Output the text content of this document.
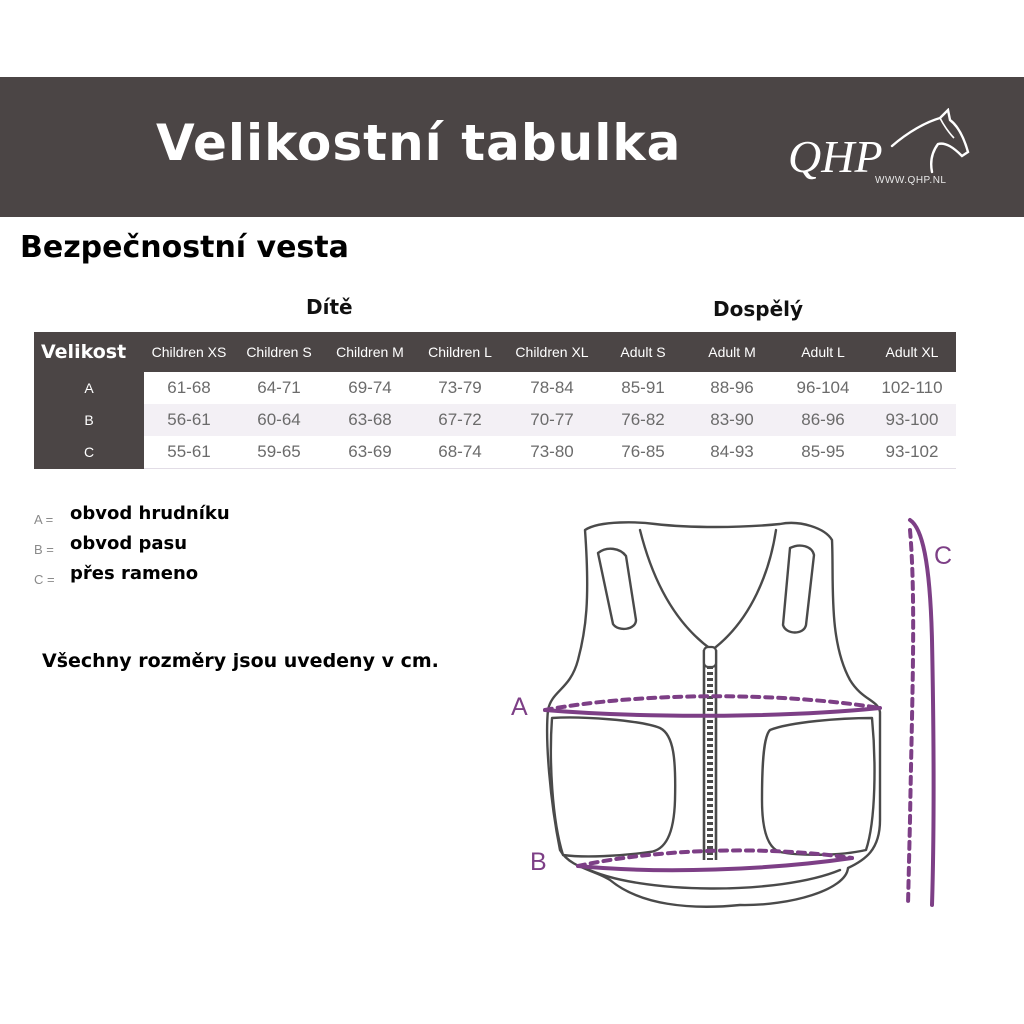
Velikostní tabulka QHP
WWW.QHP.NL
Bezpečnostní vesta
Dítě	Dospělý
Velikost	Children XS	Children S	Children M	Children L	Children XL	Adult S	Adult M	Adult L	Adult XL
A	61-68	64-71	69-74	73-79	78-84	85-91	88-96	96-104	102-110
B	56-61	60-64	63-68	67-72	70-77	76-82	83-90	86-96	93-100
C	55-61	59-65	63-69	68-74	73-80	76-85	84-93	85-95	93-102
A = obvod hrudníku
B = obvod pasu
C = přes rameno
Všechny rozměry jsou uvedeny v cm.
A
B
C
